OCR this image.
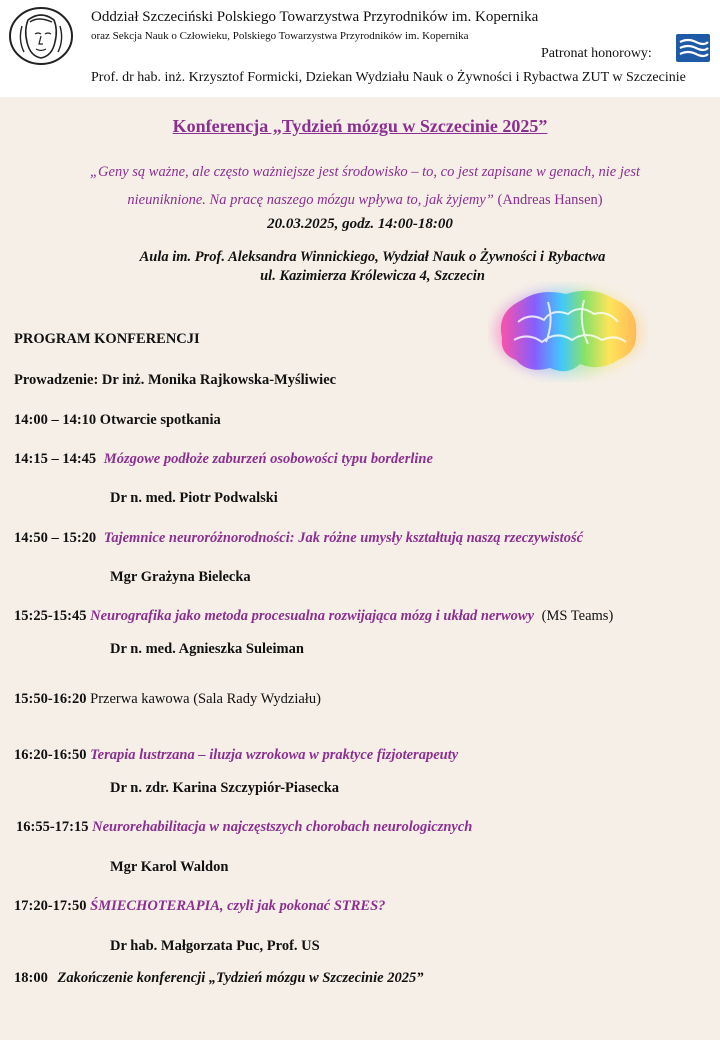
Oddział Szczeciński Polskiego Towarzystwa Przyrodników im. Kopernika
oraz Sekcja Nauk o Człowieku, Polskiego Towarzystwa Przyrodników im. Kopernika
Patronat honorowy:
Prof. dr hab. inż. Krzysztof Formicki, Dziekan Wydziału Nauk o Żywności i Rybactwa ZUT w Szczecinie
Konferencja „Tydzień mózgu w Szczecinie 2025”
„Geny są ważne, ale często ważniejsze jest środowisko – to, co jest zapisane w genach, nie jest nieuniknione. Na pracę naszego mózgu wpływa to, jak żyjemy” (Andreas Hansen)
20.03.2025, godz. 14:00-18:00
Aula im. Prof. Aleksandra Winnickiego, Wydział Nauk o Żywności i Rybactwa
ul. Kazimierza Królewicza 4, Szczecin
PROGRAM KONFERENCJI
Prowadzenie: Dr inż. Monika Rajkowska-Myśliwiec
14:00 – 14:10 Otwarcie spotkania
14:15 – 14:45 Mózgowe podłoże zaburzeń osobowości typu borderline
Dr n. med. Piotr Podwalski
14:50 – 15:20 Tajemnice neuroróżnorodności: Jak różne umysły kształtują naszą rzeczywistość
Mgr Grażyna Bielecka
15:25-15:45 Neurografika jako metoda procesualna rozwijająca mózg i układ nerwowy (MS Teams)
Dr n. med. Agnieszka Suleiman
15:50-16:20 Przerwa kawowa (Sala Rady Wydziału)
16:20-16:50 Terapia lustrzana – iluzja wzrokowa w praktyce fizjoterapeuty
Dr n. zdr. Karina Szczypiór-Piasecka
16:55-17:15 Neurorehabilitacja w najczęstszych chorobach neurologicznych
Mgr Karol Waldon
17:20-17:50 ŚMIECHOTERAPIA, czyli jak pokonać STRES?
Dr hab. Małgorzata Puc, Prof. US
18:00 Zakończenie konferencji „Tydzień mózgu w Szczecinie 2025”
